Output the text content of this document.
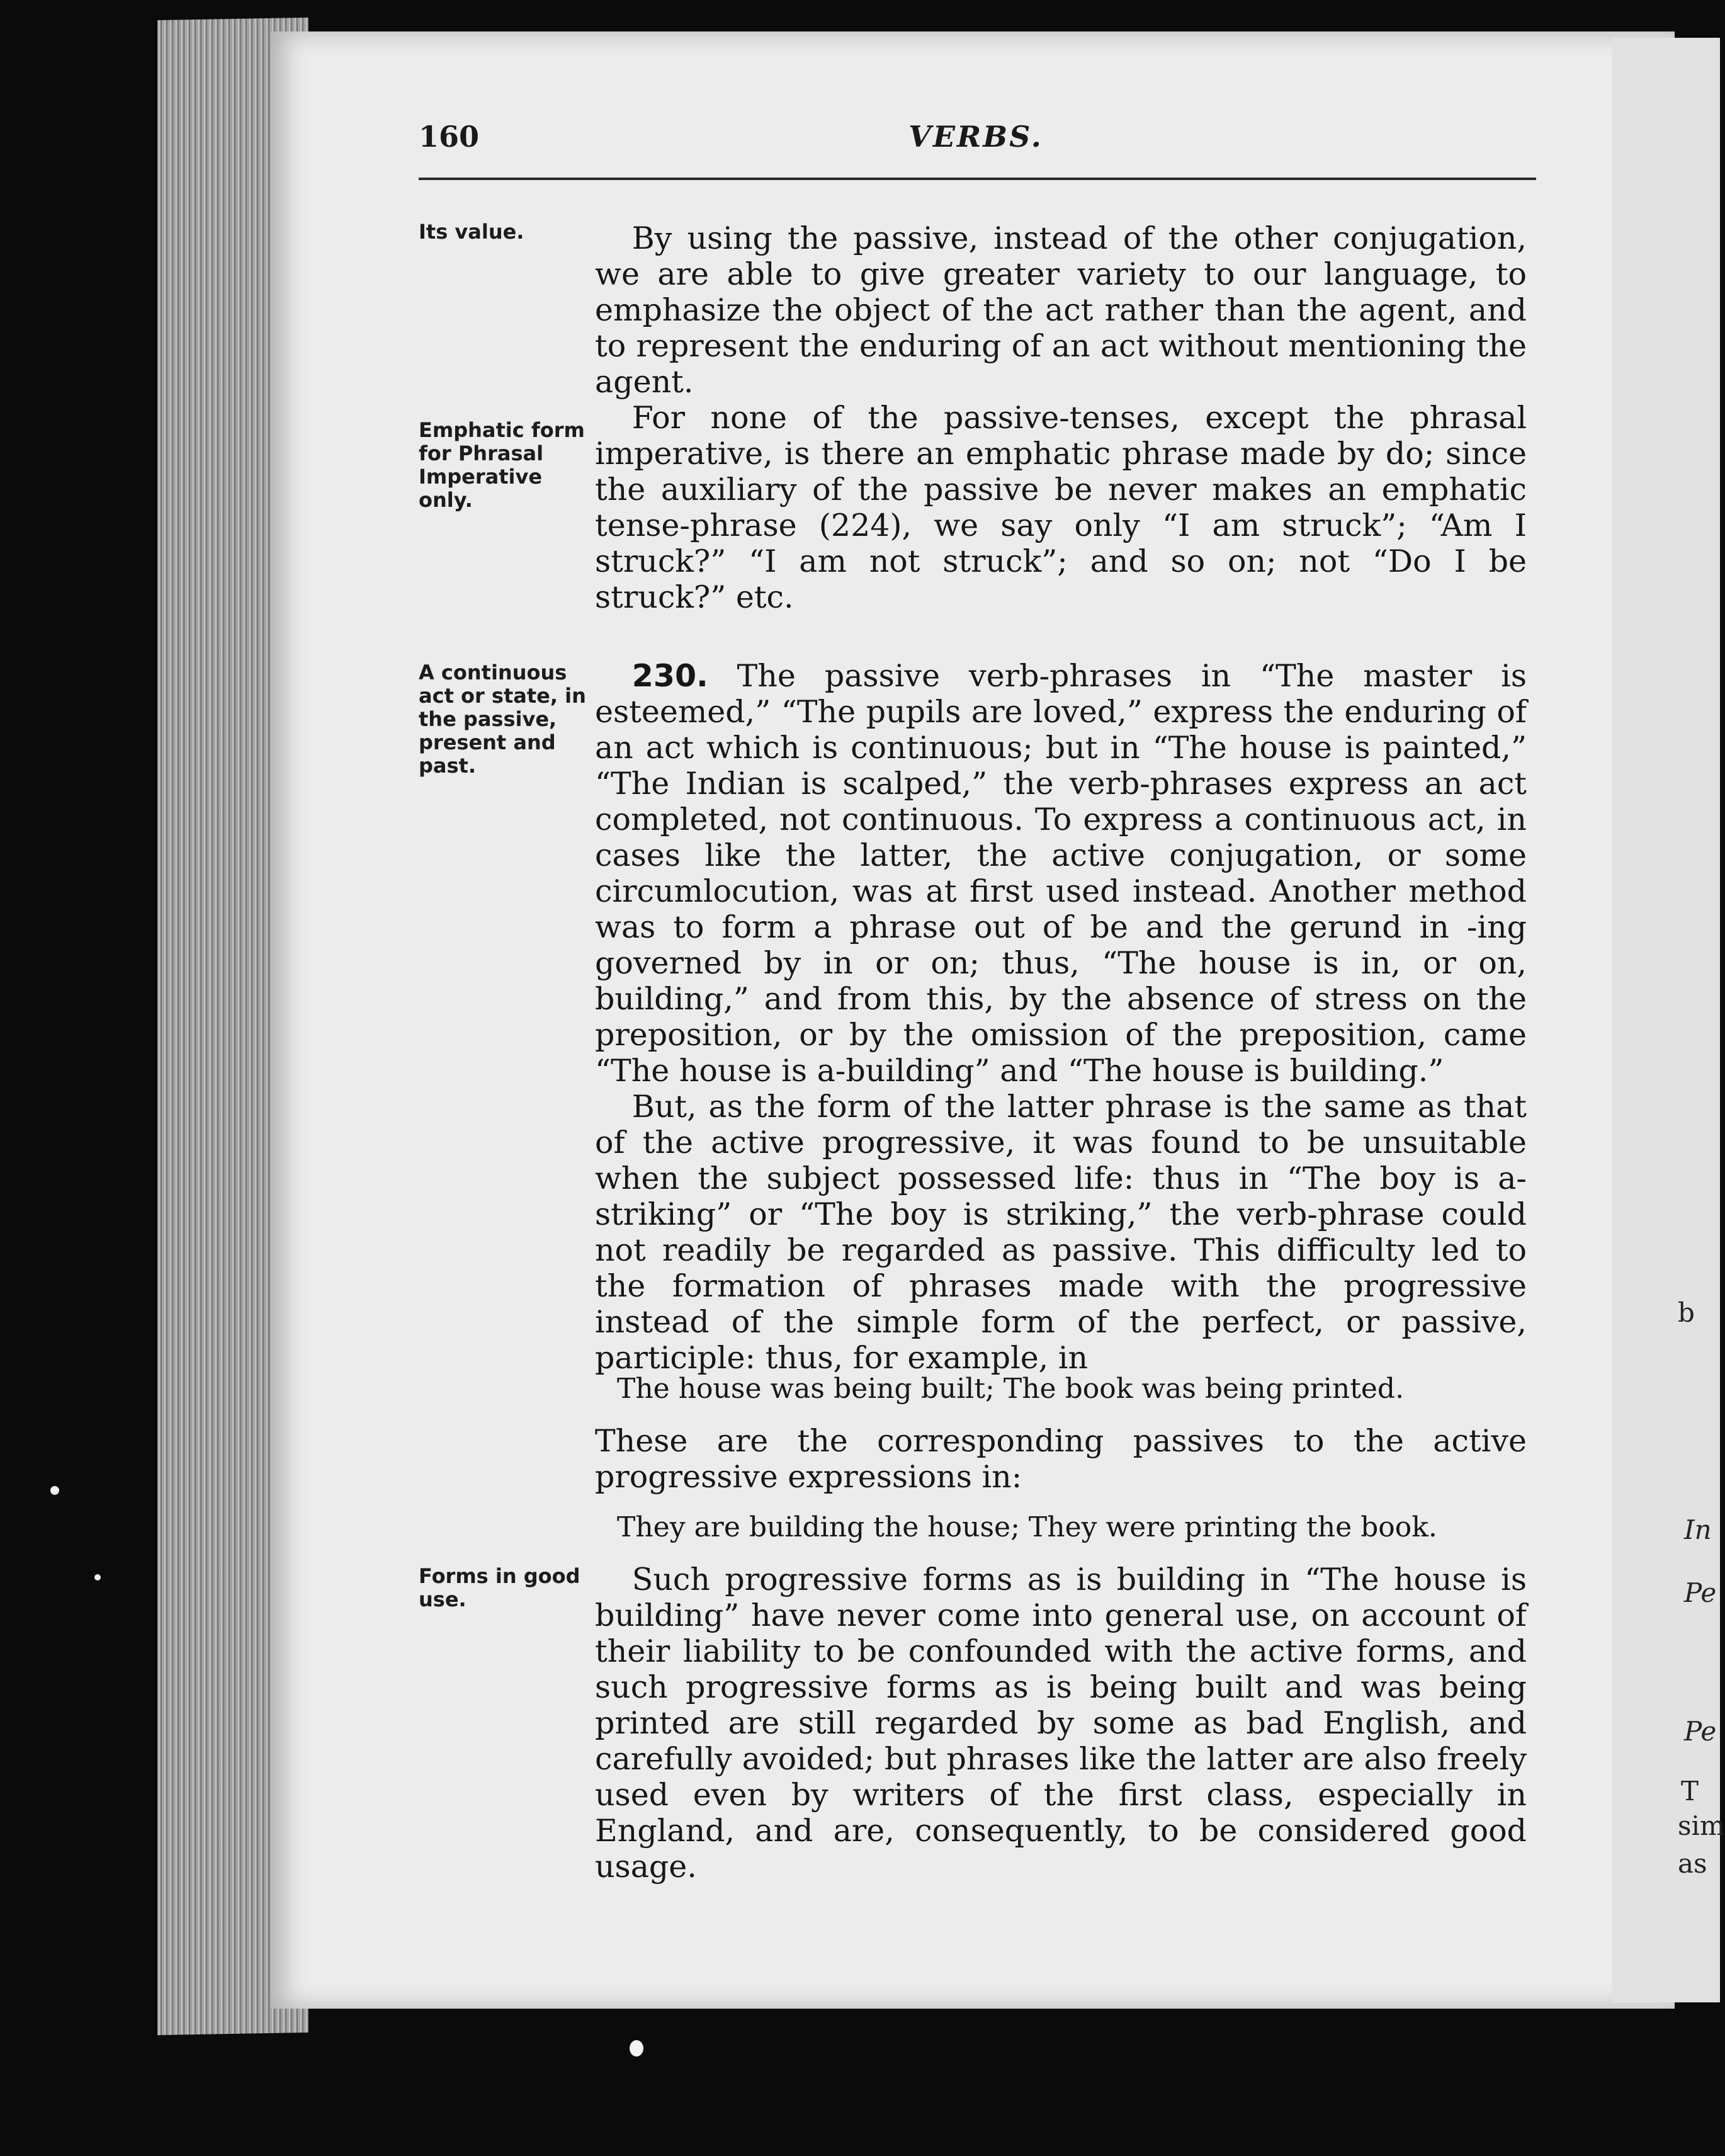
b
In
Pe
Pe
T
sim
as
160	VERBS.
Its value.
Emphatic form for Phrasal Imperative only.
A continuous act or state, in the passive, present and past.
Forms in good use.

By using the passive, instead of the other conjugation, we are able to give greater variety to our language, to emphasize the object of the act rather than the agent, and to represent the enduring of an act without mentioning the agent.

For none of the passive-tenses, except the phrasal imperative, is there an emphatic phrase made by do; since the auxiliary of the passive be never makes an emphatic tense-phrase (224), we say only “I am struck”; “Am I struck?” “I am not struck”; and so on; not “Do I be struck?” etc.

230. The passive verb-phrases in “The master is esteemed,” “The pupils are loved,” express the enduring of an act which is continuous; but in “The house is painted,” “The Indian is scalped,” the verb-phrases express an act completed, not continuous. To express a continuous act, in cases like the latter, the active conjugation, or some circumlocution, was at first used instead. Another method was to form a phrase out of be and the gerund in -ing governed by in or on; thus, “The house is in, or on, building,” and from this, by the absence of stress on the preposition, or by the omission of the preposition, came “The house is a-building” and “The house is building.”

But, as the form of the latter phrase is the same as that of the active progressive, it was found to be unsuitable when the subject possessed life: thus in “The boy is a-striking” or “The boy is striking,” the verb-phrase could not readily be regarded as passive. This difficulty led to the formation of phrases made with the progressive instead of the simple form of the perfect, or passive, participle: thus, for example, in

The house was being built; The book was being printed.

These are the corresponding passives to the active progressive expressions in:

They are building the house; They were printing the book.

Such progressive forms as is building in “The house is building” have never come into general use, on account of their liability to be confounded with the active forms, and such progressive forms as is being built and was being printed are still regarded by some as bad English, and carefully avoided; but phrases like the latter are also freely used even by writers of the first class, especially in England, and are, consequently, to be considered good usage.
